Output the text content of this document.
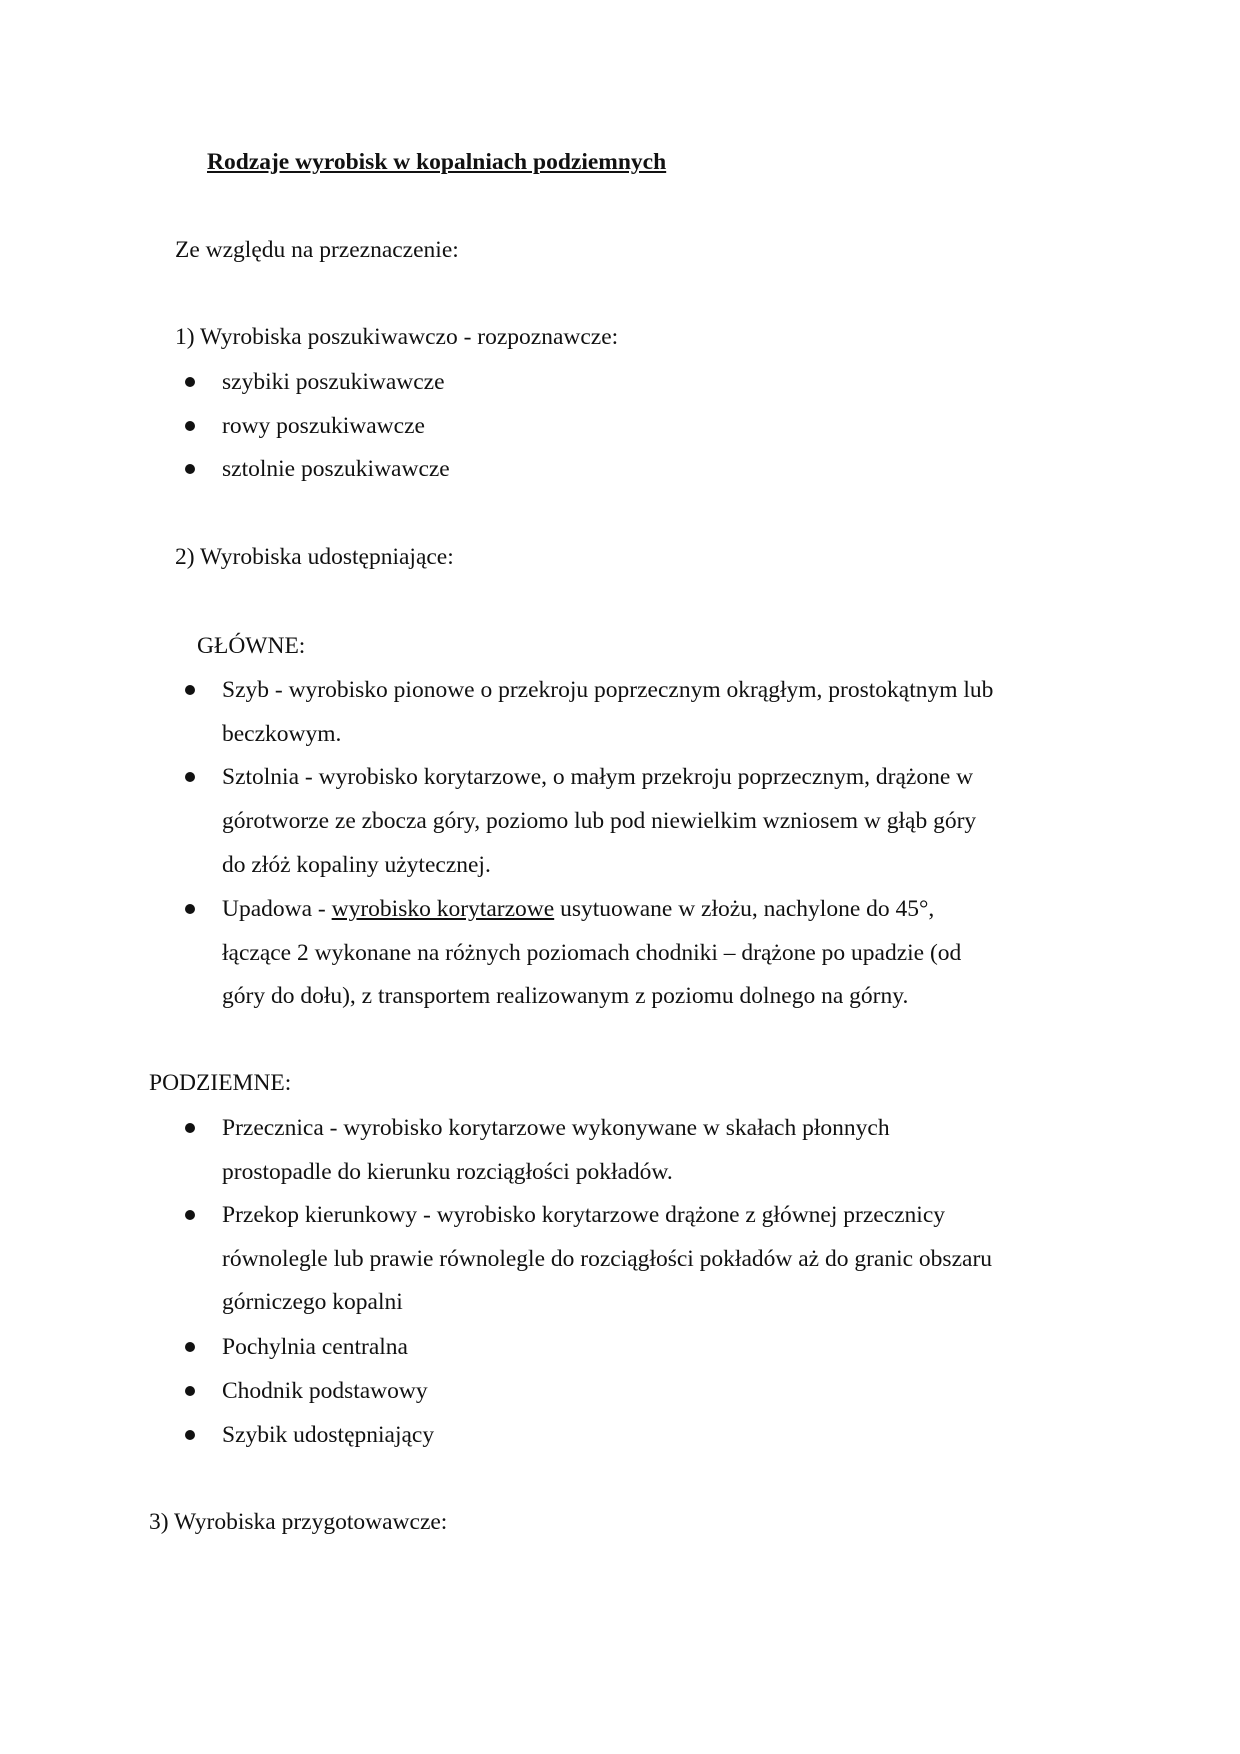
Rodzaje wyrobisk w kopalniach podziemnych
Ze względu na przeznaczenie:
1) Wyrobiska poszukiwawczo - rozpoznawcze:
szybiki poszukiwawcze
rowy poszukiwawcze
sztolnie poszukiwawcze
2) Wyrobiska udostępniające:
GŁÓWNE:
Szyb - wyrobisko pionowe o przekroju poprzecznym okrągłym, prostokątnym lub
beczkowym.
Sztolnia - wyrobisko korytarzowe, o małym przekroju poprzecznym, drążone w
górotworze ze zbocza góry, poziomo lub pod niewielkim wzniosem w głąb góry
do złóż kopaliny użytecznej.
Upadowa - wyrobisko korytarzowe usytuowane w złożu, nachylone do 45°,
łączące 2 wykonane na różnych poziomach chodniki – drążone po upadzie (od
góry do dołu), z transportem realizowanym z poziomu dolnego na górny.
PODZIEMNE:
Przecznica - wyrobisko korytarzowe wykonywane w skałach płonnych
prostopadle do kierunku rozciągłości pokładów.
Przekop kierunkowy - wyrobisko korytarzowe drążone z głównej przecznicy
równolegle lub prawie równolegle do rozciągłości pokładów aż do granic obszaru
górniczego kopalni
Pochylnia centralna
Chodnik podstawowy
Szybik udostępniający
3) Wyrobiska przygotowawcze:
